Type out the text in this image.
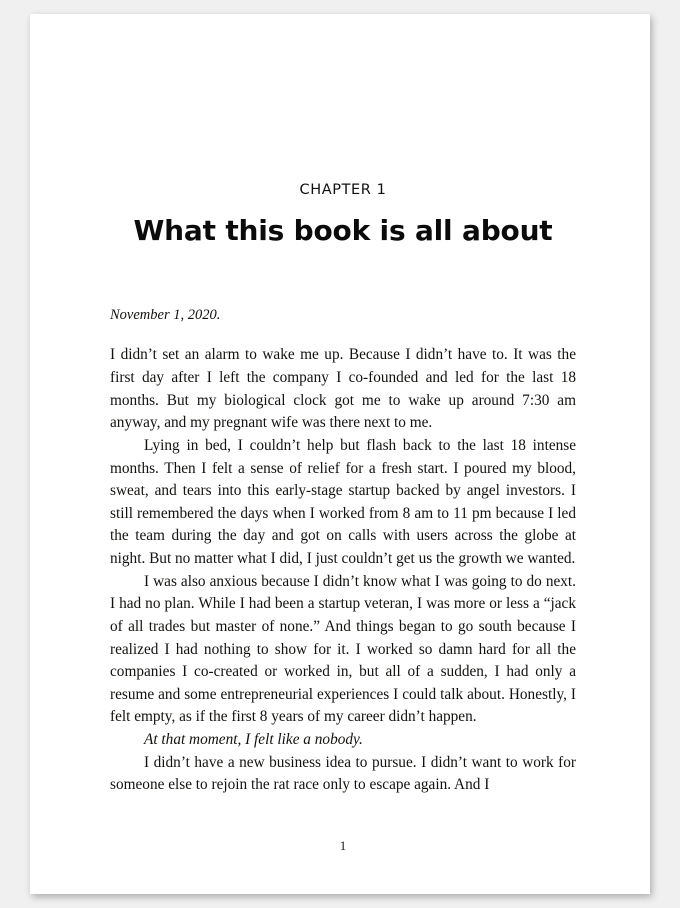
CHAPTER 1
What this book is all about

November 1, 2020.

I didn’t set an alarm to wake me up. Because I didn’t have to. It was the first day after I left the company I co-founded and led for the last 18 months. But my biological clock got me to wake up around 7:30 am anyway, and my pregnant wife was there next to me.

Lying in bed, I couldn’t help but flash back to the last 18 intense months. Then I felt a sense of relief for a fresh start. I poured my blood, sweat, and tears into this early-stage startup backed by angel investors. I still remembered the days when I worked from 8 am to 11 pm because I led the team during the day and got on calls with users across the globe at night. But no matter what I did, I just couldn’t get us the growth we wanted.

I was also anxious because I didn’t know what I was going to do next. I had no plan. While I had been a startup veteran, I was more or less a “jack of all trades but master of none.” And things began to go south because I realized I had nothing to show for it. I worked so damn hard for all the companies I co-created or worked in, but all of a sudden, I had only a resume and some entrepreneurial experiences I could talk about. Honestly, I felt empty, as if the first 8 years of my career didn’t happen.

At that moment, I felt like a nobody.

I didn’t have a new business idea to pursue. I didn’t want to work for someone else to rejoin the rat race only to escape again. And I

1
